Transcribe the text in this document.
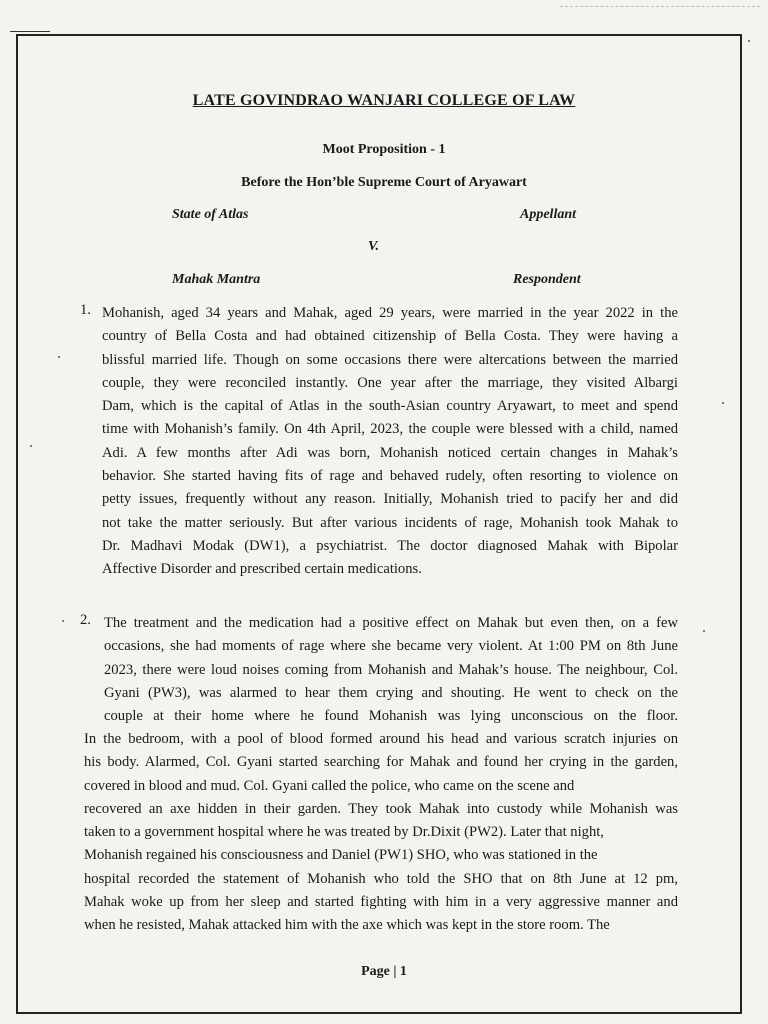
LATE GOVINDRAO WANJARI COLLEGE OF LAW
Moot Proposition - 1
Before the Hon’ble Supreme Court of Aryawart
State of Atlas	Appellant
V.
Mahak Mantra	Respondent
1. Mohanish, aged 34 years and Mahak, aged 29 years, were married in the year 2022 in the
country of Bella Costa and had obtained citizenship of Bella Costa. They were having a
blissful married life. Though on some occasions there were altercations between the married
couple, they were reconciled instantly. One year after the marriage, they visited Albargi
Dam, which is the capital of Atlas in the south-Asian country Aryawart, to meet and spend
time with Mohanish’s family. On 4th April, 2023, the couple were blessed with a child, named
Adi. A few months after Adi was born, Mohanish noticed certain changes in Mahak’s
behavior. She started having fits of rage and behaved rudely, often resorting to violence on
petty issues, frequently without any reason. Initially, Mohanish tried to pacify her and did
not take the matter seriously. But after various incidents of rage, Mohanish took Mahak to
Dr. Madhavi Modak (DW1), a psychiatrist. The doctor diagnosed Mahak with Bipolar
Affective Disorder and prescribed certain medications.
2. The treatment and the medication had a positive effect on Mahak but even then, on a few
occasions, she had moments of rage where she became very violent. At 1:00 PM on 8th June
2023, there were loud noises coming from Mohanish and Mahak’s house. The neighbour, Col.
Gyani (PW3), was alarmed to hear them crying and shouting. He went to check on the
couple at their home where he found Mohanish was lying unconscious on the floor.
In the bedroom, with a pool of blood formed around his head and various scratch injuries on
his body. Alarmed, Col. Gyani started searching for Mahak and found her crying in the garden,
covered in blood and mud. Col. Gyani called the police, who came on the scene and
recovered an axe hidden in their garden. They took Mahak into custody while Mohanish was
taken to a government hospital where he was treated by Dr.Dixit (PW2). Later that night,
Mohanish regained his consciousness and Daniel (PW1) SHO, who was stationed in the
hospital recorded the statement of Mohanish who told the SHO that on 8th June at 12 pm,
Mahak woke up from her sleep and started fighting with him in a very aggressive manner and
when he resisted, Mahak attacked him with the axe which was kept in the store room. The
Page | 1
